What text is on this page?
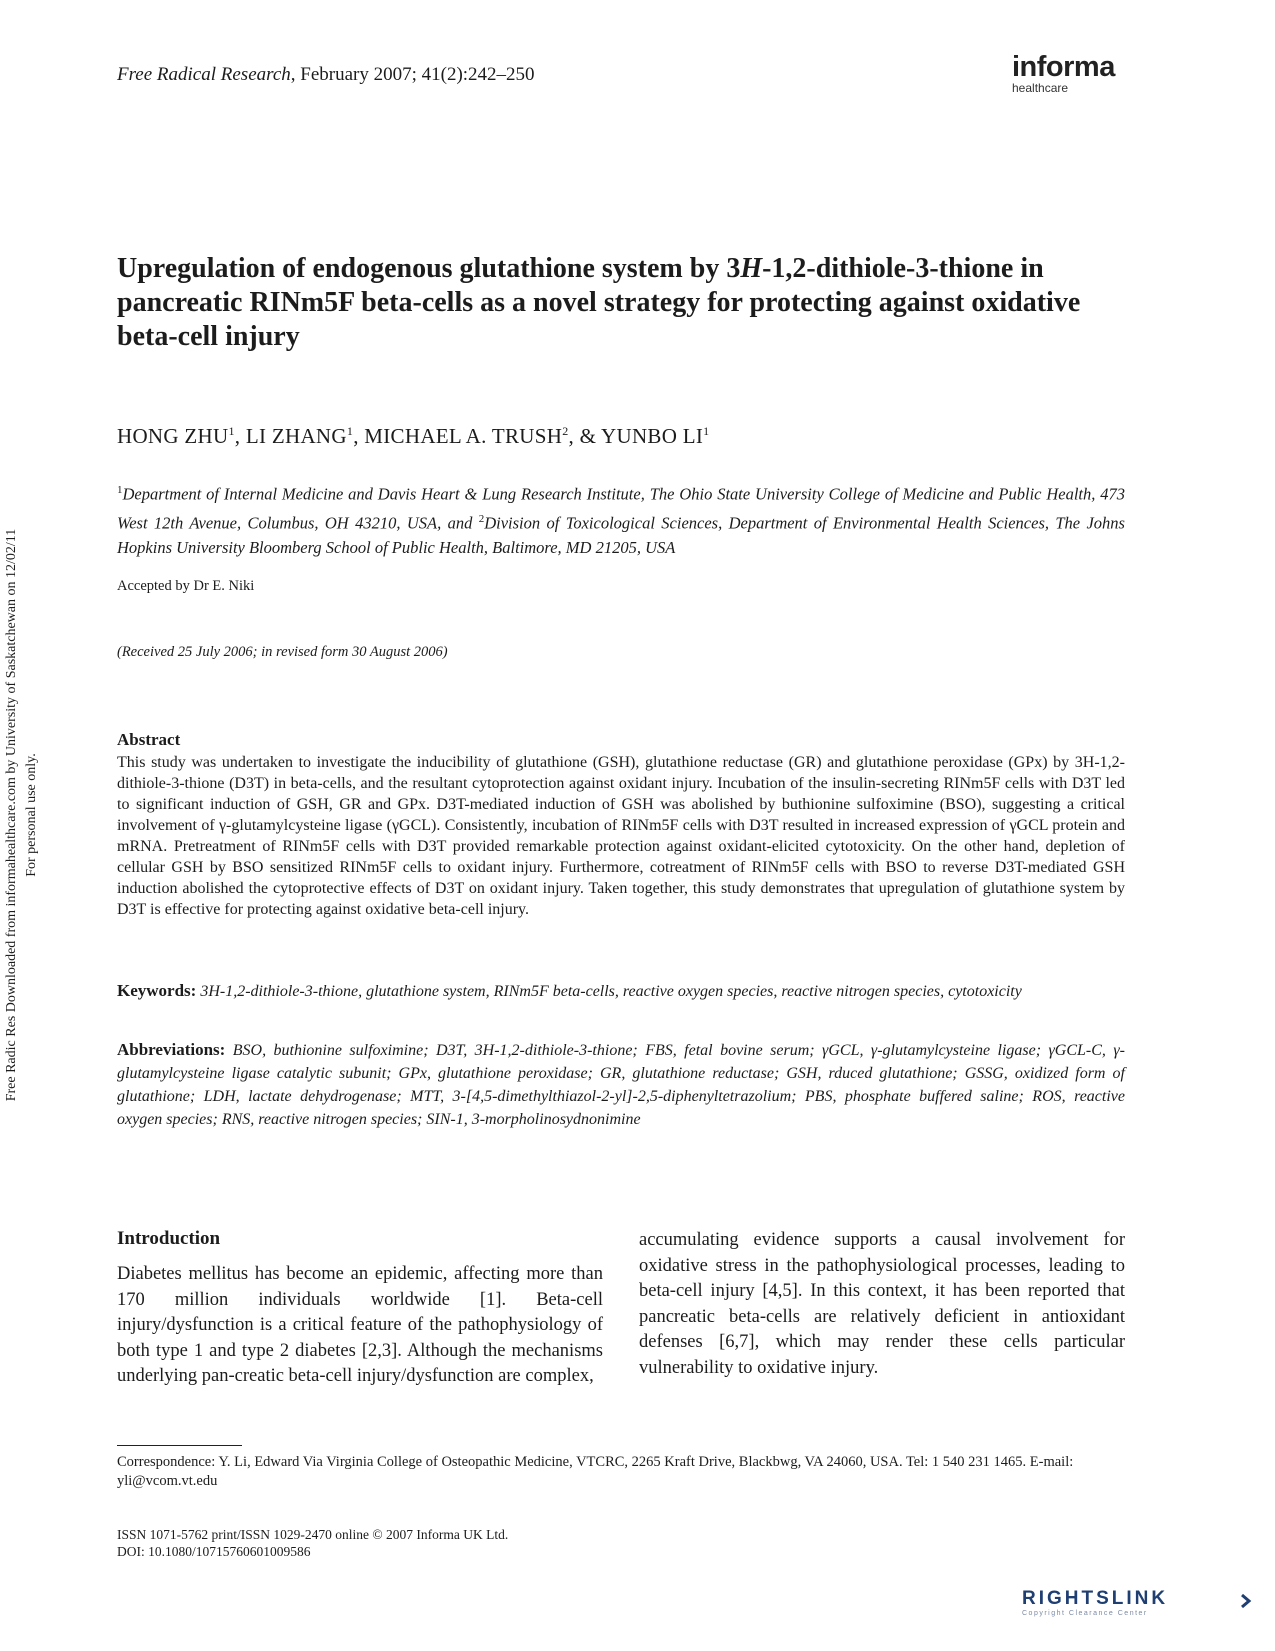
Free Radical Research, February 2007; 41(2):242–250	informa
healthcare
Upregulation of endogenous glutathione system by 3H-1,2-dithiole-3-thione in pancreatic RINm5F beta-cells as a novel strategy for protecting against oxidative beta-cell injury
HONG ZHU$^1$, LI ZHANG$^1$, MICHAEL A. TRUSH$^2$, & YUNBO $LI^1$
$^1$Department of Internal Medicine and Davis Heart & Lung Research Institute, The Ohio State University College of Medicine and Public Health, 473 West 12th Avenue, Columbus, OH 43210, USA, and $^2$Division of Toxicological Sciences, Department of Environmental Health Sciences, The Johns Hopkins University Bloomberg School of Public Health, Baltimore, MD 21205, USA
Accepted by Dr E. Niki
(Received 25 July 2006; in revised form 30 August 2006)
Abstract
This study was undertaken to investigate the inducibility of glutathione (GSH), glutathione reductase (GR) and glutathione peroxidase (GPx) by 3H-1,2-dithiole-3-thione (D3T) in beta-cells, and the resultant cytoprotection against oxidant injury. Incubation of the insulin-secreting RINm5F cells with D3T led to significant induction of GSH, GR and GPx. D3T-mediated induction of GSH was abolished by buthionine sulfoximine (BSO), suggesting a critical involvement of γ-glutamylcysteine ligase (γGCL). Consistently, incubation of RINm5F cells with D3T resulted in increased expression of γGCL protein and mRNA. Pretreatment of RINm5F cells with D3T provided remarkable protection against oxidant-elicited cytotoxicity. On the other hand, depletion of cellular GSH by BSO sensitized RINm5F cells to oxidant injury. Furthermore, cotreatment of RINm5F cells with BSO to reverse D3T-mediated GSH induction abolished the cytoprotective effects of D3T on oxidant injury. Taken together, this study demonstrates that upregulation of glutathione system by D3T is effective for protecting against oxidative beta-cell injury.
Keywords: 3H-1,2-dithiole-3-thione, glutathione system, RINm5F beta-cells, reactive oxygen species, reactive nitrogen species, cytotoxicity
Abbreviations: BSO, buthionine sulfoximine; D3T, 3H-1,2-dithiole-3-thione; FBS, fetal bovine serum; γGCL, γ-glutamylcysteine ligase; γGCL-C, γ-glutamylcysteine ligase catalytic subunit; GPx, glutathione peroxidase; GR, glutathione reductase; GSH, rduced glutathione; GSSG, oxidized form of glutathione; LDH, lactate dehydrogenase; MTT, 3-[4,5-dimethylthiazol-2-yl]-2,5-diphenyltetrazolium; PBS, phosphate buffered saline; ROS, reactive oxygen species; RNS, reactive nitrogen species; SIN-1, 3-morpholinosydnonimine
Introduction
Diabetes mellitus has become an epidemic, affecting more than 170 million individuals worldwide [1]. Beta-cell injury/dysfunction is a critical feature of the pathophysiology of both type 1 and type 2 diabetes [2,3]. Although the mechanisms underlying pan-creatic beta-cell injury/dysfunction are complex,
accumulating evidence supports a causal involvement for oxidative stress in the pathophysiological processes, leading to beta-cell injury [4,5]. In this context, it has been reported that pancreatic beta-cells are relatively deficient in antioxidant defenses [6,7], which may render these cells particular vulnerability to oxidative injury.
Correspondence: Y. Li, Edward Via Virginia College of Osteopathic Medicine, VTCRC, 2265 Kraft Drive, Blackbwg, VA 24060, USA. Tel: 1 540 231 1465. E-mail: yli@vcom.vt.edu
ISSN 1071-5762 print/ISSN 1029-2470 online © 2007 Informa UK Ltd.
DOI: 10.1080/10715760601009586
RIGHTSLINK
Copyright Clearance Center
Free Radic Res Downloaded from informahealthcare.com by University of Saskatchewan on 12/02/11 For personal use only.
